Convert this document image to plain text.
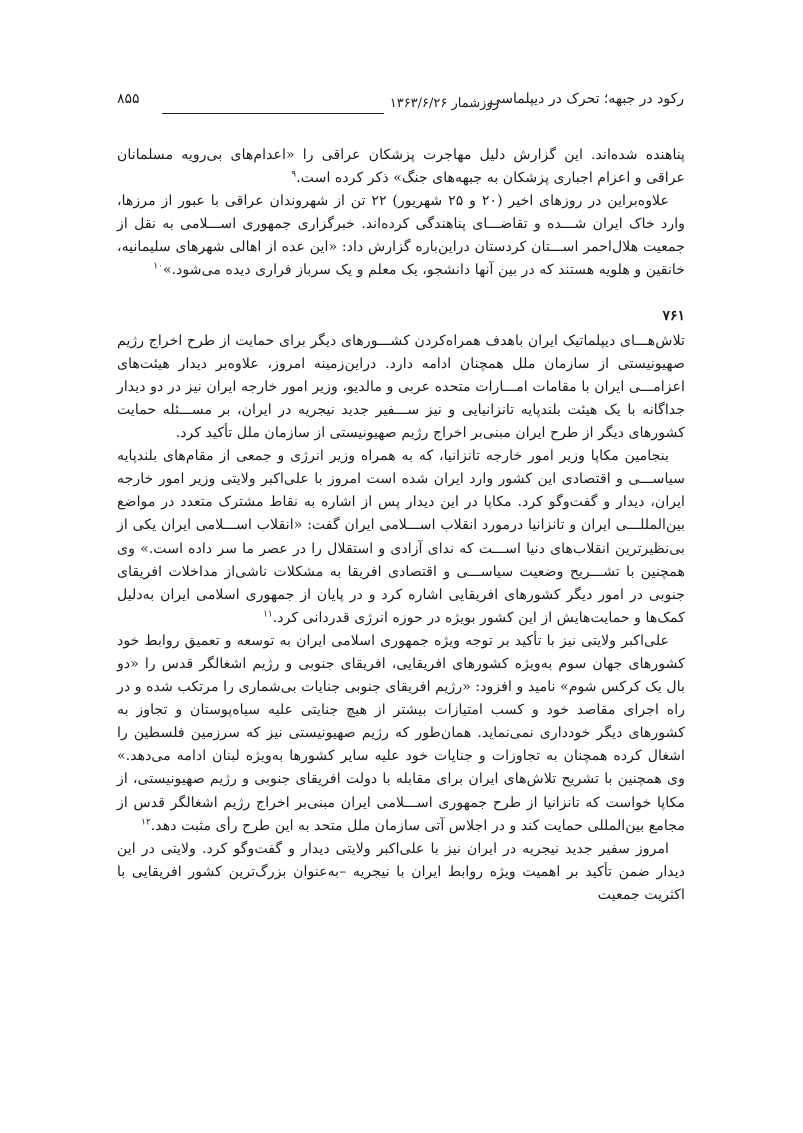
رکود در جبهه؛ تحرک در دیپلماسی
روزشمار ۱۳۶۳/۶/۲۶
۸۵۵

پناهنده شده‌اند. این گزارش دلیل مهاجرت پزشکان عراقی را «اعدام‌های بی‌رویه مسلمانان عراقی و اعزام اجباری پزشکان به جبهه‌های جنگ» ذکر کرده است.$^۹$

علاوه‌براین در روزهای اخیر (۲۰ و ۲۵ شهریور) ۲۲ تن از شهروندان عراقی با عبور از مرزها، وارد خاک ایران شـــده و تقاضـــای پناهندگی کرده‌اند. خبرگزاری جمهوری اســـلامی به نقل از جمعیت هلال‌احمر اســـتان کردستان دراین‌باره گزارش داد: «این عده از اهالی شهرهای سلیمانیه، خانقین و هلویه هستند که در بین آنها دانشجو، یک معلم و یک سرباز فراری دیده می‌شود.»$^{۱۰}$

۷۶۱

تلاش‌هـــای دیپلماتیک ایران باهدف همراه‌کردن کشـــورهای دیگر برای حمایت از طرح اخراج رژیم صهیونیستی از سازمان ملل همچنان ادامه دارد. دراین‌زمینه امروز، علاوه‌بر دیدار هیئت‌های اعزامـــی ایران با مقامات امـــارات متحده عربی و مالدیو، وزیر امور خارجه ایران نیز در دو دیدار جداگانه با یک هیئت بلندپایه تانزانیایی و نیز ســـفیر جدید نیجریه در ایران، بر مســـئله حمایت کشورهای دیگر از طرح ایران مبنی‌بر اخراج رژیم صهیونیستی از سازمان ملل تأکید کرد.

بنجامین مکاپا وزیر امور خارجه تانزانیا، که به همراه وزیر انرژی و جمعی از مقام‌های بلندپایه سیاســـی و اقتصادی این کشور وارد ایران شده است امروز با علی‌اکبر ولایتی وزیر امور خارجه ایران، دیدار و گفت‌وگو کرد. مکاپا در این دیدار پس از اشاره به نقاط مشترک متعدد در مواضع بین‌المللـــی ایران و تانزانیا درمورد انقلاب اســـلامی ایران گفت: «انقلاب اســـلامی ایران یکی از بی‌نظیرترین انقلاب‌های دنیا اســـت که ندای آزادی و استقلال را در عصر ما سر داده است.» وی همچنین با تشـــریح وضعیت سیاســـی و اقتصادی افریقا به مشکلات ناشی‌از مداخلات افریقای جنوبی در امور دیگر کشورهای افریقایی اشاره کرد و در پایان از جمهوری اسلامی ایران به‌دلیل کمک‌ها و حمایت‌هایش از این کشور بویژه در حوزه انرژی قدردانی کرد.$^{۱۱}$

علی‌اکبر ولایتی نیز با تأکید بر توجه ویژه جمهوری اسلامی ایران به توسعه و تعمیق روابط خود کشورهای جهان سوم به‌ویژه کشورهای افریقایی، افریقای جنوبی و رژیم اشغالگر قدس را «دو بال یک کرکس شوم» نامید و افزود: «رژیم افریقای جنوبی جنایات بی‌شماری را مرتکب شده و در راه اجرای مقاصد خود و کسب امتیازات بیشتر از هیچ جنایتی علیه سیاه‌پوستان و تجاوز به کشورهای دیگر خودداری نمی‌نماید. همان‌طور که رژیم صهیونیستی نیز که سرزمین فلسطین را اشغال کرده همچنان به تجاوزات و جنایات خود علیه سایر کشورها به‌ویژه لبنان ادامه می‌دهد.» وی همچنین با تشریح تلاش‌های ایران برای مقابله با دولت افریقای جنوبی و رژیم صهیونیستی، از مکاپا خواست که تانزانیا از طرح جمهوری اســـلامی ایران مبنی‌بر اخراج رژیم اشغالگر قدس از مجامع بین‌المللی حمایت کند و در اجلاس آتی سازمان ملل متحد به این طرح رأی مثبت دهد.$^{۱۲}$

امروز سفیر جدید نیجریه در ایران نیز با علی‌اکبر ولایتی دیدار و گفت‌وگو کرد. ولایتی در این دیدار ضمن تأکید بر اهمیت ویژه روابط ایران با نیجریه –به‌عنوان بزرگ‌ترین کشور افریقایی با اکثریت جمعیت
